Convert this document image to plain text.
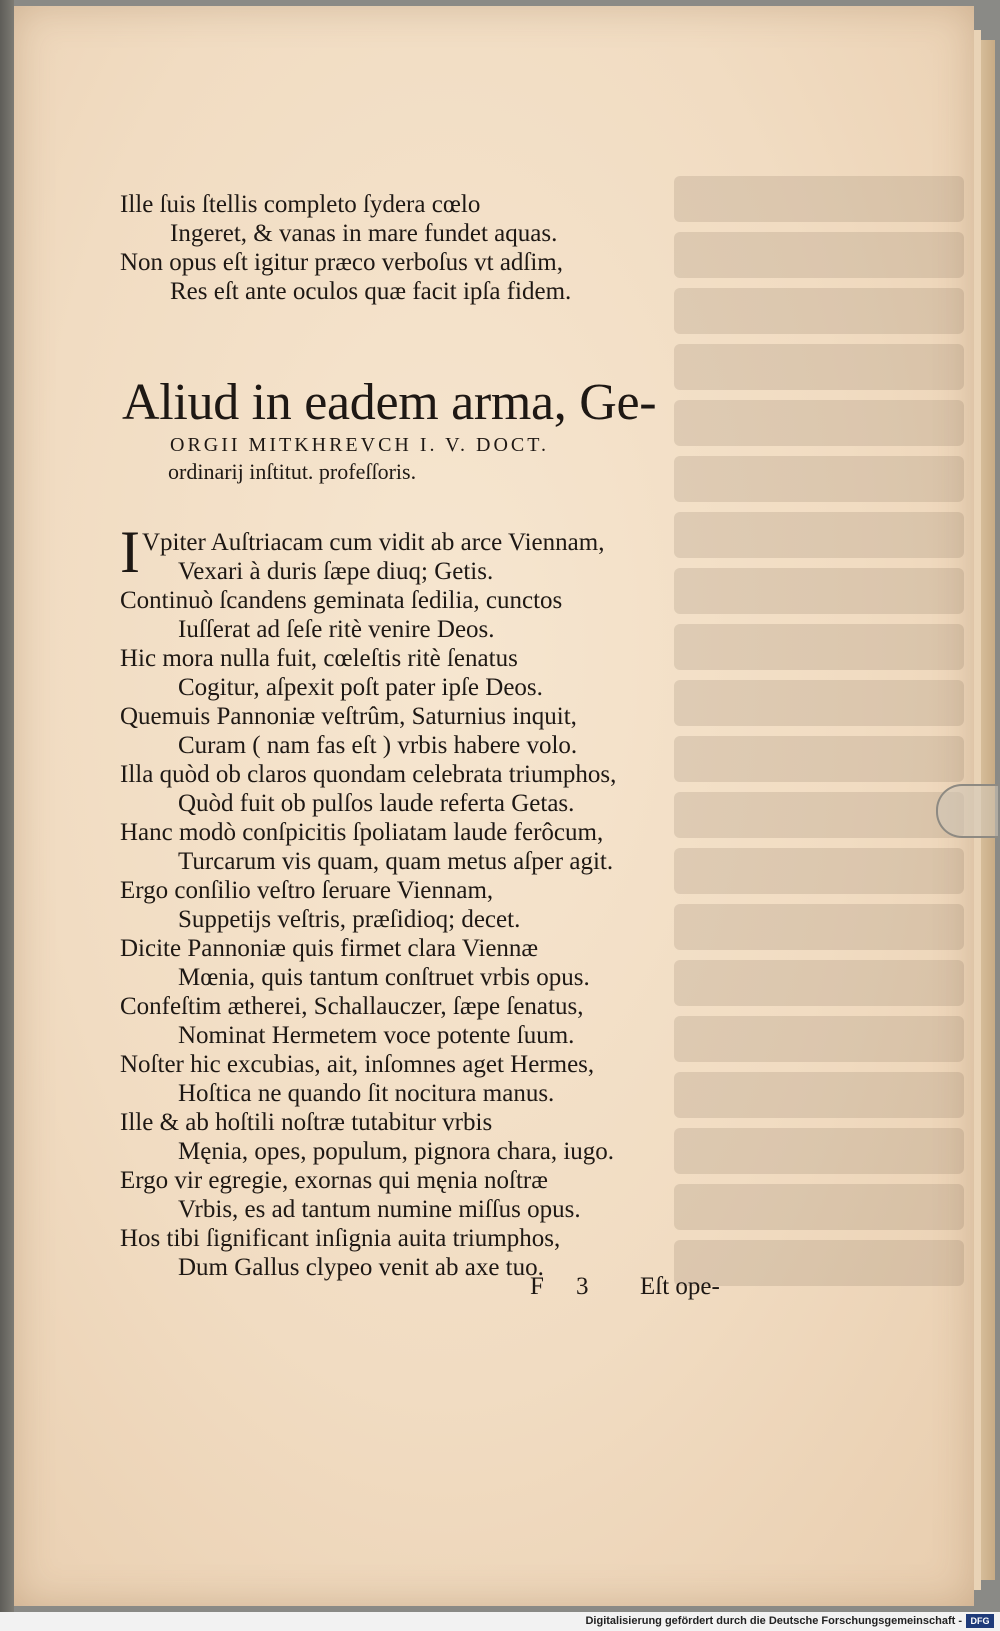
Ille ſuis ſtellis completo ſydera cœlo
Ingeret, & vanas in mare fundet aquas.
Non opus eſt igitur præco verboſus vt adſim,
Res eſt ante oculos quæ facit ipſa fidem.
Aliud in eadem arma, Ge-
ORGII MITKHREVCH I. V. DOCT.
ordinarij inſtitut. profeſſoris.
I Vpiter Auſtriacam cum vidit ab arce Viennam,
Vexari à duris ſæpe diuq; Getis.
Continuò ſcandens geminata ſedilia, cunctos
Iuſſerat ad ſeſe ritè venire Deos.
Hic mora nulla fuit, cœleſtis ritè ſenatus
Cogitur, aſpexit poſt pater ipſe Deos.
Quemuis Pannoniæ veſtrûm, Saturnius inquit,
Curam ( nam fas eſt ) vrbis habere volo.
Illa quòd ob claros quondam celebrata triumphos,
Quòd fuit ob pulſos laude referta Getas.
Hanc modò conſpicitis ſpoliatam laude ferôcum,
Turcarum vis quam, quam metus aſper agit.
Ergo conſilio veſtro ſeruare Viennam,
Suppetijs veſtris, præſidioq; decet.
Dicite Pannoniæ quis firmet clara Viennæ
Mœnia, quis tantum conſtruet vrbis opus.
Confeſtim ætherei, Schallauczer, ſæpe ſenatus,
Nominat Hermetem voce potente ſuum.
Noſter hic excubias, ait, inſomnes aget Hermes,
Hoſtica ne quando ſit nocitura manus.
Ille & ab hoſtili noſtræ tutabitur vrbis
Męnia, opes, populum, pignora chara, iugo.
Ergo vir egregie, exornas qui męnia noſtræ
Vrbis, es ad tantum numine miſſus opus.
Hos tibi ſignificant inſignia auita triumphos,
Dum Gallus clypeo venit ab axe tuo.
F 3 Eſt ope-
Digitalisierung gefördert durch die Deutsche Forschungsgemeinschaft - DFG
